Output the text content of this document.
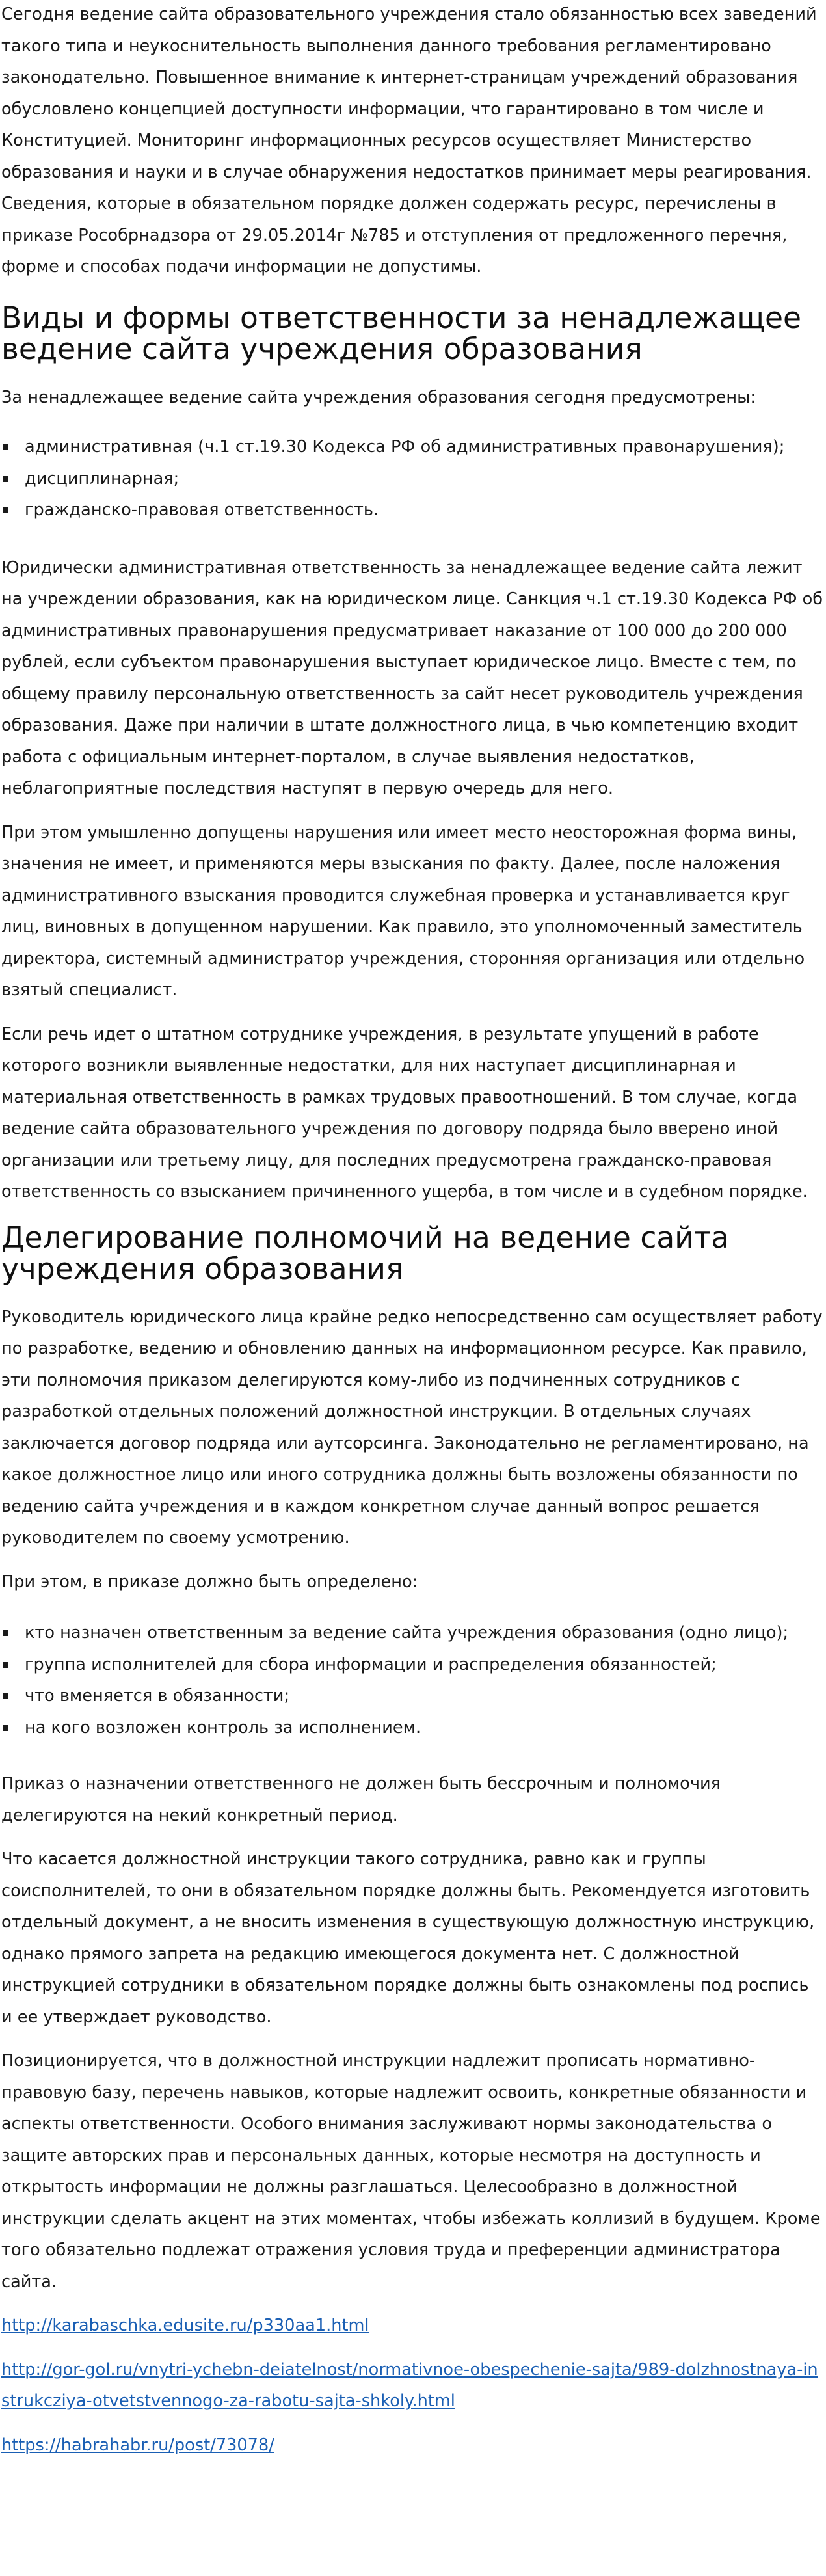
Сегодня ведение сайта образовательного учреждения стало обязанностью всех заведений такого типа и неукоснительность выполнения данного требования регламентировано законодательно. Повышенное внимание к интернет-страницам учреждений образования обусловлено концепцией доступности информации, что гарантировано в том числе и Конституцией. Мониторинг информационных ресурсов осуществляет Министерство образования и науки и в случае обнаружения недостатков принимает меры реагирования. Сведения, которые в обязательном порядке должен содержать ресурс, перечислены в приказе Рособрнадзора от 29.05.2014г №785 и отступления от предложенного перечня, форме и способах подачи информации не допустимы.

Виды и формы ответственности за ненадлежащее ведение сайта учреждения образования

За ненадлежащее ведение сайта учреждения образования сегодня предусмотрены:

административная (ч.1 ст.19.30 Кодекса РФ об административных правонарушения);
дисциплинарная;
гражданско-правовая ответственность.

Юридически административная ответственность за ненадлежащее ведение сайта лежит на учреждении образования, как на юридическом лице. Санкция ч.1 ст.19.30 Кодекса РФ об административных правонарушения предусматривает наказание от 100 000 до 200 000 рублей, если субъектом правонарушения выступает юридическое лицо. Вместе с тем, по общему правилу персональную ответственность за сайт несет руководитель учреждения образования. Даже при наличии в штате должностного лица, в чью компетенцию входит работа с официальным интернет-порталом, в случае выявления недостатков, неблагоприятные последствия наступят в первую очередь для него.

При этом умышленно допущены нарушения или имеет место неосторожная форма вины, значения не имеет, и применяются меры взыскания по факту. Далее, после наложения административного взыскания проводится служебная проверка и устанавливается круг лиц, виновных в допущенном нарушении. Как правило, это уполномоченный заместитель директора, системный администратор учреждения, сторонняя организация или отдельно взятый специалист.

Если речь идет о штатном сотруднике учреждения, в результате упущений в работе которого возникли выявленные недостатки, для них наступает дисциплинарная и материальная ответственность в рамках трудовых правоотношений. В том случае, когда ведение сайта образовательного учреждения по договору подряда было вверено иной организации или третьему лицу, для последних предусмотрена гражданско-правовая ответственность со взысканием причиненного ущерба, в том числе и в судебном порядке.

Делегирование полномочий на ведение сайта учреждения образования

Руководитель юридического лица крайне редко непосредственно сам осуществляет работу по разработке, ведению и обновлению данных на информационном ресурсе. Как правило, эти полномочия приказом делегируются кому-либо из подчиненных сотрудников с разработкой отдельных положений должностной инструкции. В отдельных случаях заключается договор подряда или аутсорсинга. Законодательно не регламентировано, на какое должностное лицо или иного сотрудника должны быть возложены обязанности по ведению сайта учреждения и в каждом конкретном случае данный вопрос решается руководителем по своему усмотрению.

При этом, в приказе должно быть определено:

кто назначен ответственным за ведение сайта учреждения образования (одно лицо);
группа исполнителей для сбора информации и распределения обязанностей;
что вменяется в обязанности;
на кого возложен контроль за исполнением.

Приказ о назначении ответственного не должен быть бессрочным и полномочия делегируются на некий конкретный период.

Что касается должностной инструкции такого сотрудника, равно как и группы соисполнителей, то они в обязательном порядке должны быть. Рекомендуется изготовить отдельный документ, а не вносить изменения в существующую должностную инструкцию, однако прямого запрета на редакцию имеющегося документа нет. С должностной инструкцией сотрудники в обязательном порядке должны быть ознакомлены под роспись и ее утверждает руководство.

Позиционируется, что в должностной инструкции надлежит прописать нормативно-правовую базу, перечень навыков, которые надлежит освоить, конкретные обязанности и аспекты ответственности. Особого внимания заслуживают нормы законодательства о защите авторских прав и персональных данных, которые несмотря на доступность и открытость информации не должны разглашаться. Целесообразно в должностной инструкции сделать акцент на этих моментах, чтобы избежать коллизий в будущем. Кроме того обязательно подлежат отражения условия труда и преференции администратора сайта.

http://karabaschka.edusite.ru/p330aa1.html
http://gor-gol.ru/vnytri-ychebn-deiatelnost/normativnoe-obespechenie-sajta/989-dolzhnostnaya-instrukcziya-otvetstvennogo-za-rabotu-sajta-shkoly.html
https://habrahabr.ru/post/73078/
